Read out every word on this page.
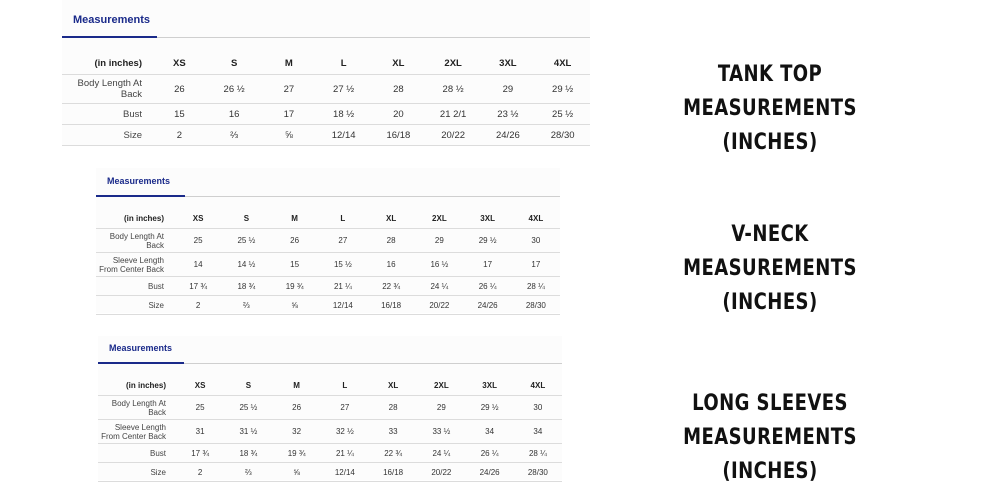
Measurements
(in inches)	XS	S	M	L	XL	2XL	3XL	4XL
Body Length At Back	26	26 ½	27	27 ½	28	28 ½	29	29 ½
Bust	15	16	17	18 ½	20	21 2/1	23 ½	25 ½
Size	2	⅔	⅝	12/14	16/18	20/22	24/26	28/30
Measurements
(in inches)	XS	S	M	L	XL	2XL	3XL	4XL
Body Length At Back	25	25 ½	26	27	28	29	29 ½	30
Sleeve Length From Center Back	14	14 ½	15	15 ½	16	16 ½	17	17
Bust	17 ¾	18 ¾	19 ¾	21 ¼	22 ¾	24 ¼	26 ¼	28 ¼
Size	2	⅔	⅝	12/14	16/18	20/22	24/26	28/30
Measurements
(in inches)	XS	S	M	L	XL	2XL	3XL	4XL
Body Length At Back	25	25 ½	26	27	28	29	29 ½	30
Sleeve Length From Center Back	31	31 ½	32	32 ½	33	33 ½	34	34
Bust	17 ¾	18 ¾	19 ¾	21 ¼	22 ¾	24 ¼	26 ¼	28 ¼
Size	2	⅔	⅝	12/14	16/18	20/22	24/26	28/30
TANK TOP
MEASUREMENTS (INCHES)
V-NECK
MEASUREMENTS (INCHES)
LONG SLEEVES
MEASUREMENTS (INCHES)
